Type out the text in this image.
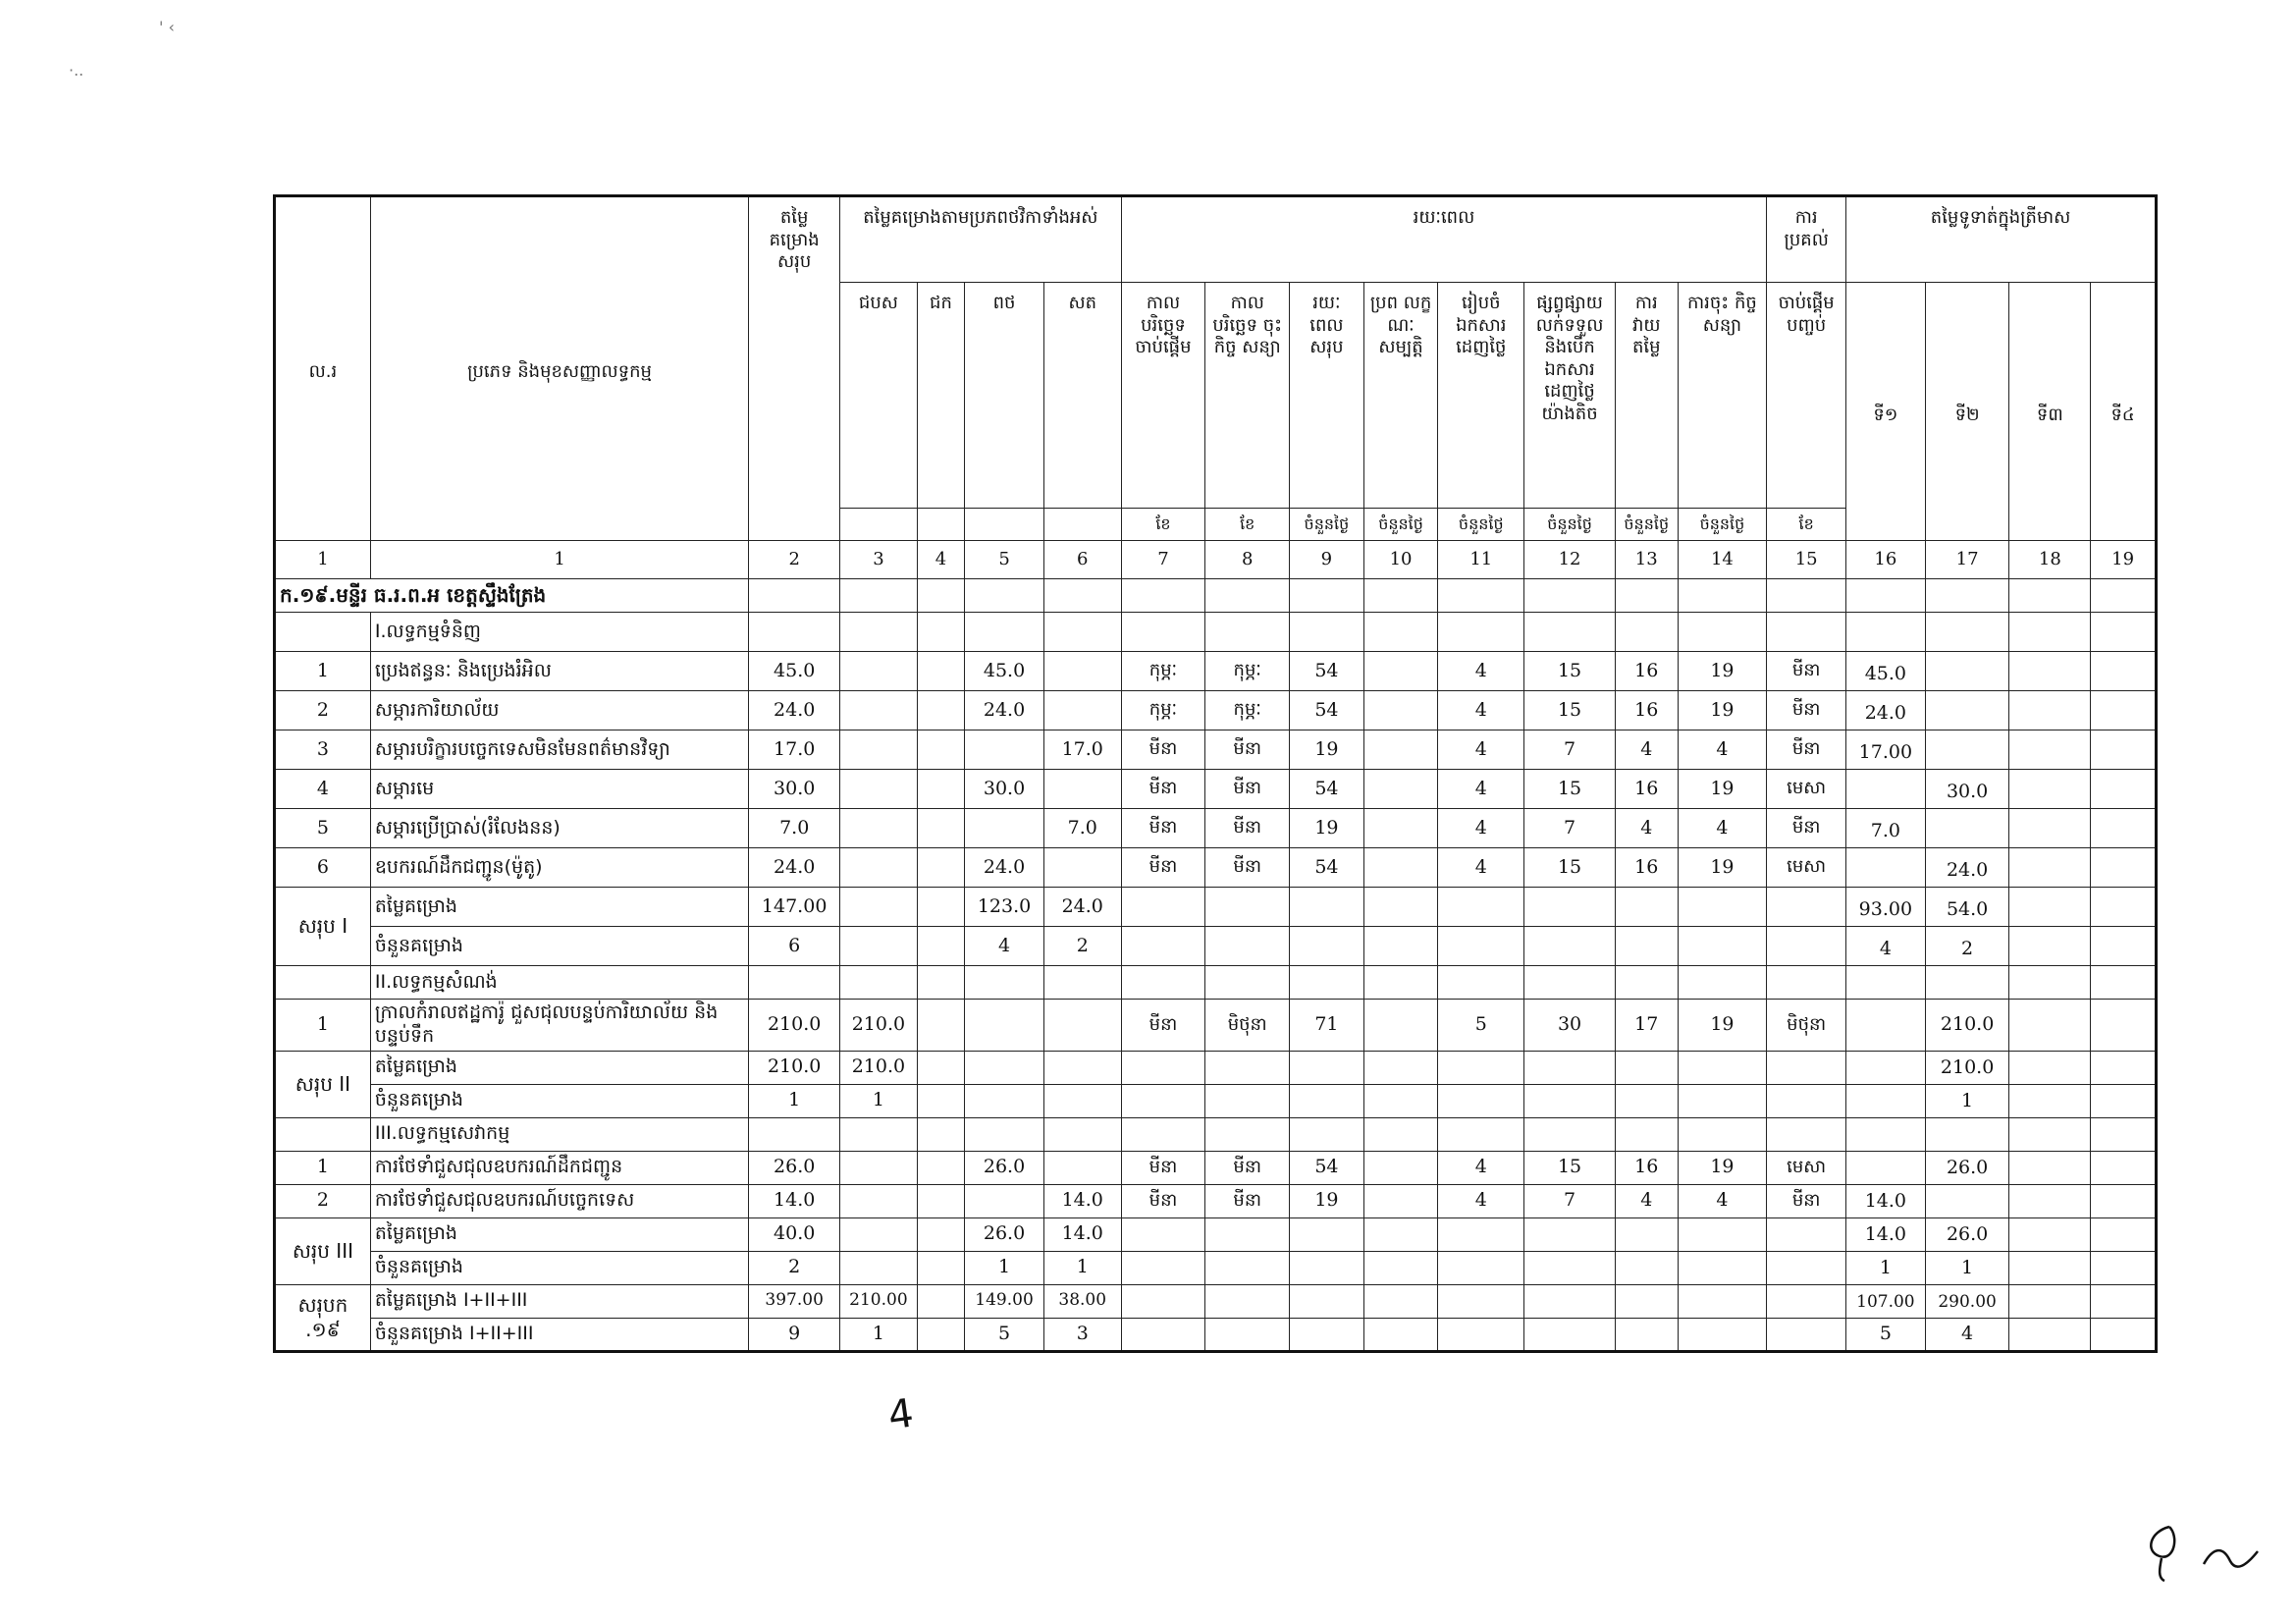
' ‹
·..
ល.រ	ប្រភេទ និងមុខសញ្ញាលទ្ធកម្ម	តម្លៃ
គម្រោង
សរុប	តម្លៃគម្រោងតាមប្រភពថវិកាទាំងអស់				រយៈពេល								ការ ប្រគល់	តម្លៃទូទាត់ក្នុងត្រីមាស			
			ជបស	ជក	ពថ	សត	កាល បរិច្ឆេទ ចាប់ផ្តើម	កាល បរិច្ឆេទ ចុះកិច្ច សន្យា	រយៈ ពេល សរុប	ប្រព លក្ខ ណៈ សម្បត្តិ	រៀបចំ ឯកសារ ដេញថ្លៃ	ផ្សព្វផ្សាយ លក់ទទួល និងបើក ឯកសារ ដេញថ្លៃ យ៉ាងតិច	ការ វាយ តម្លៃ	ការចុះ កិច្ចសន្យា	ចាប់ផ្តើម បញ្ចប់	ទី១	ទី២	ទី៣	ទី៤
							ខែ	ខែ	ចំនួនថ្ងៃ	ចំនួនថ្ងៃ	ចំនួនថ្ងៃ	ចំនួនថ្ងៃ	ចំនួនថ្ងៃ	ចំនួនថ្ងៃ	ខែ				
1	1	2	3	4	5	6	7	8	9	10	11	12	13	14	15	16	17	18	19
ក.១៩.មន្ទីរ ធ.រ.ព.អ ខេត្តស្ទឹងត្រែង																			
	I.លទ្ធកម្មទំនិញ																		
1	ប្រេងឥន្ធនៈ និងប្រេងរំអិល	45.0			45.0		កុម្ភៈ	កុម្ភៈ	54		4	15	16	19	មីនា	45.0			
2	សម្ភារការិយាល័យ	24.0			24.0		កុម្ភៈ	កុម្ភៈ	54		4	15	16	19	មីនា	24.0			
3	សម្ភារបរិក្ខារបច្ចេកទេសមិនមែនពត៌មានវិទ្យា	17.0				17.0	មីនា	មីនា	19		4	7	4	4	មីនា	17.00			
4	សម្ភារមេ	30.0			30.0		មីនា	មីនា	54		4	15	16	19	មេសា		30.0		
5	សម្ភារប្រើប្រាស់(រំលែងនន)	7.0				7.0	មីនា	មីនា	19		4	7	4	4	មីនា	7.0			
6	ឧបករណ៍ដឹកជញ្ជូន(ម៉ូតូ)	24.0			24.0		មីនា	មីនា	54		4	15	16	19	មេសា		24.0		
សរុប I	តម្លៃគម្រោង	147.00			123.0	24.0										93.00	54.0		
	ចំនួនគម្រោង	6			4	2										4	2		
	II.លទ្ធកម្មសំណង់																		
1	ក្រាលកំរាលឥដ្ឋការ៉ូ ជួសជុលបន្ទប់ការិយាល័យ និងបន្ទប់ទឹក	210.0	210.0				មីនា	មិថុនា	71		5	30	17	19	មិថុនា		210.0		
សរុប II	តម្លៃគម្រោង	210.0	210.0														210.0		
	ចំនួនគម្រោង	1	1														1		
	III.លទ្ធកម្មសេវាកម្ម																		
1	ការថែទាំជួសជុលឧបករណ៍ដឹកជញ្ជូន	26.0			26.0		មីនា	មីនា	54		4	15	16	19	មេសា		26.0		
2	ការថែទាំជួសជុលឧបករណ៍បច្ចេកទេស	14.0				14.0	មីនា	មីនា	19		4	7	4	4	មីនា	14.0			
សរុប III	តម្លៃគម្រោង	40.0			26.0	14.0										14.0	26.0		
	ចំនួនគម្រោង	2			1	1										1	1		

សរុបក
.១៩	តម្លៃគម្រោង I+II+III	397.00	210.00		149.00	38.00										107.00	290.00		
	ចំនួនគម្រោង I+II+III	9	1		5	3										5	4		
4
